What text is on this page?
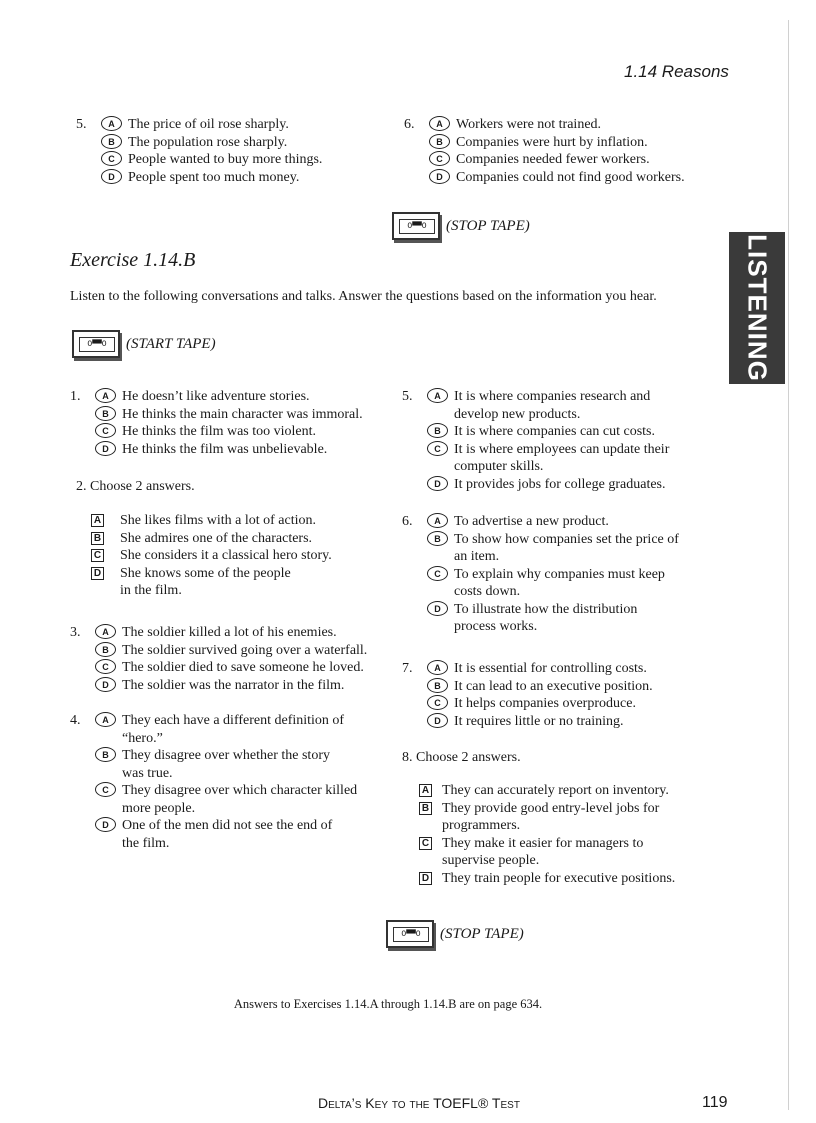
1.14 Reasons
LISTENING
5.	A The price of oil rose sharply.
B The population rose sharply.
C People wanted to buy more things.
D People spent too much money.
6.	A Workers were not trained.
B Companies were hurt by inflation.
C Companies needed fewer workers.
D Companies could not find good workers.
O▀▀O	(STOP TAPE)
Exercise 1.14.B
Listen to the following conversations and talks. Answer the questions based on the information you hear.
O▀▀O	(START TAPE)
1.	A He doesn’t like adventure stories.
B He thinks the main character was immoral.
C He thinks the film was too violent.
D He thinks the film was unbelievable.
2. Choose 2 answers.
A She likes films with a lot of action.
B She admires one of the characters.
C She considers it a classical hero story.
D She knows some of the people in the film.
3.	A The soldier killed a lot of his enemies.
B The soldier survived going over a waterfall.
C The soldier died to save someone he loved.
D The soldier was the narrator in the film.
4.	A They each have a different definition of “hero.”
B They disagree over whether the story was true.
C They disagree over which character killed more people.
D One of the men did not see the end of the film.
5.	A It is where companies research and develop new products.
B It is where companies can cut costs.
C It is where employees can update their computer skills.
D It provides jobs for college graduates.
6.	A To advertise a new product.
B To show how companies set the price of an item.
C To explain why companies must keep costs down.
D To illustrate how the distribution process works.
7.	A It is essential for controlling costs.
B It can lead to an executive position.
C It helps companies overproduce.
D It requires little or no training.
8. Choose 2 answers.
A They can accurately report on inventory.
B They provide good entry-level jobs for programmers.
C They make it easier for managers to supervise people.
D They train people for executive positions.
O▀▀O	(STOP TAPE)
Answers to Exercises 1.14.A through 1.14.B are on page 634.
Delta’s Key to the TOEFL® Test	119
